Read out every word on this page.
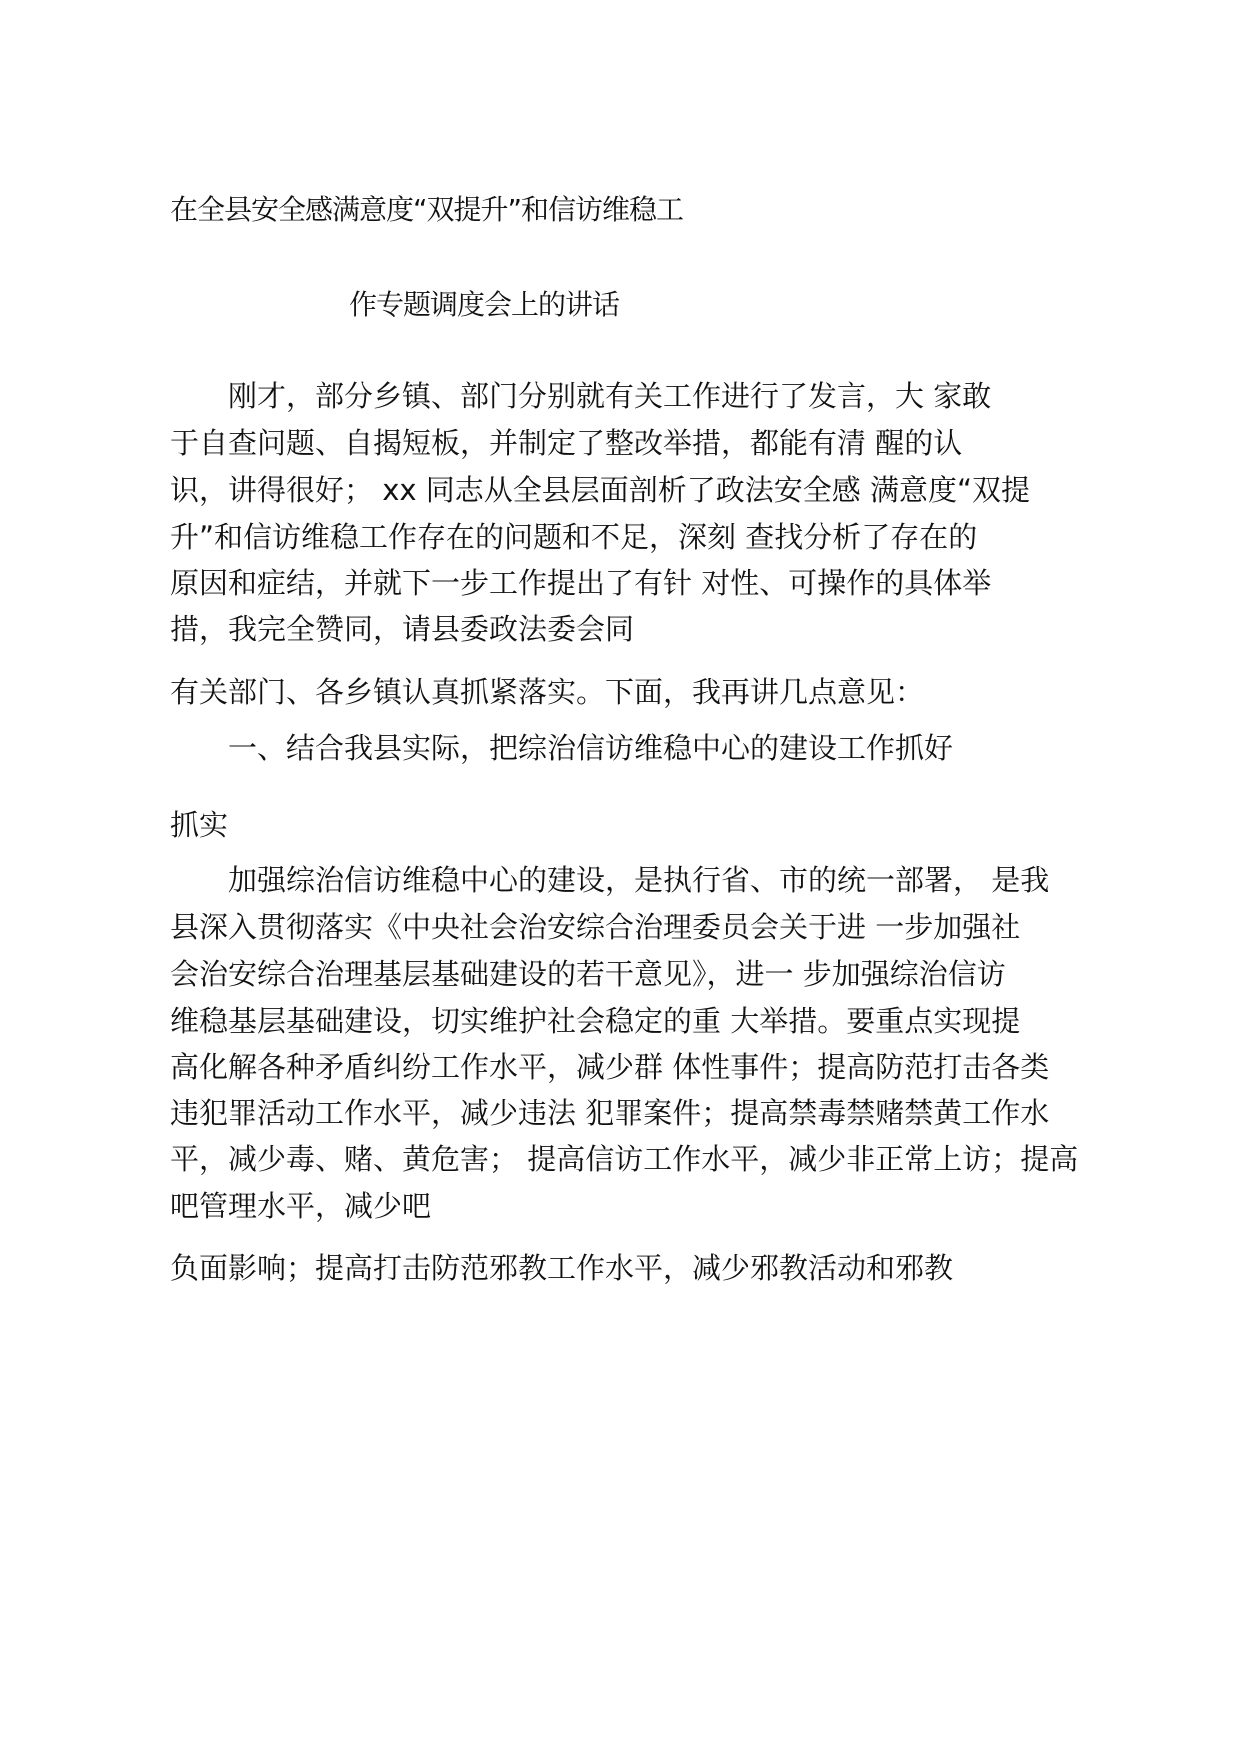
在全县安全感满意度“双提升”和信访维稳工
作专题调度会上的讲话
刚才，部分乡镇、部门分别就有关工作进行了发言，大 家敢
于自查问题、自揭短板，并制定了整改举措，都能有清 醒的认
识，讲得很好； xx 同志从全县层面剖析了政法安全感 满意度“双提
升”和信访维稳工作存在的问题和不足，深刻 查找分析了存在的
原因和症结，并就下一步工作提出了有针 对性、可操作的具体举
措，我完全赞同，请县委政法委会同
有关部门、各乡镇认真抓紧落实。下面，我再讲几点意见：
一、结合我县实际，把综治信访维稳中心的建设工作抓好
抓实
加强综治信访维稳中心的建设，是执行省、市的统一部署， 是我
县深入贯彻落实《中央社会治安综合治理委员会关于进 一步加强社
会治安综合治理基层基础建设的若干意见》，进一 步加强综治信访
维稳基层基础建设，切实维护社会稳定的重 大举措。要重点实现提
高化解各种矛盾纠纷工作水平，减少群 体性事件；提高防范打击各类
违犯罪活动工作水平，减少违法 犯罪案件；提高禁毒禁赌禁黄工作水
平，减少毒、赌、黄危害； 提高信访工作水平，减少非正常上访；提高
吧管理水平，减少吧
负面影响；提高打击防范邪教工作水平，减少邪教活动和邪教
